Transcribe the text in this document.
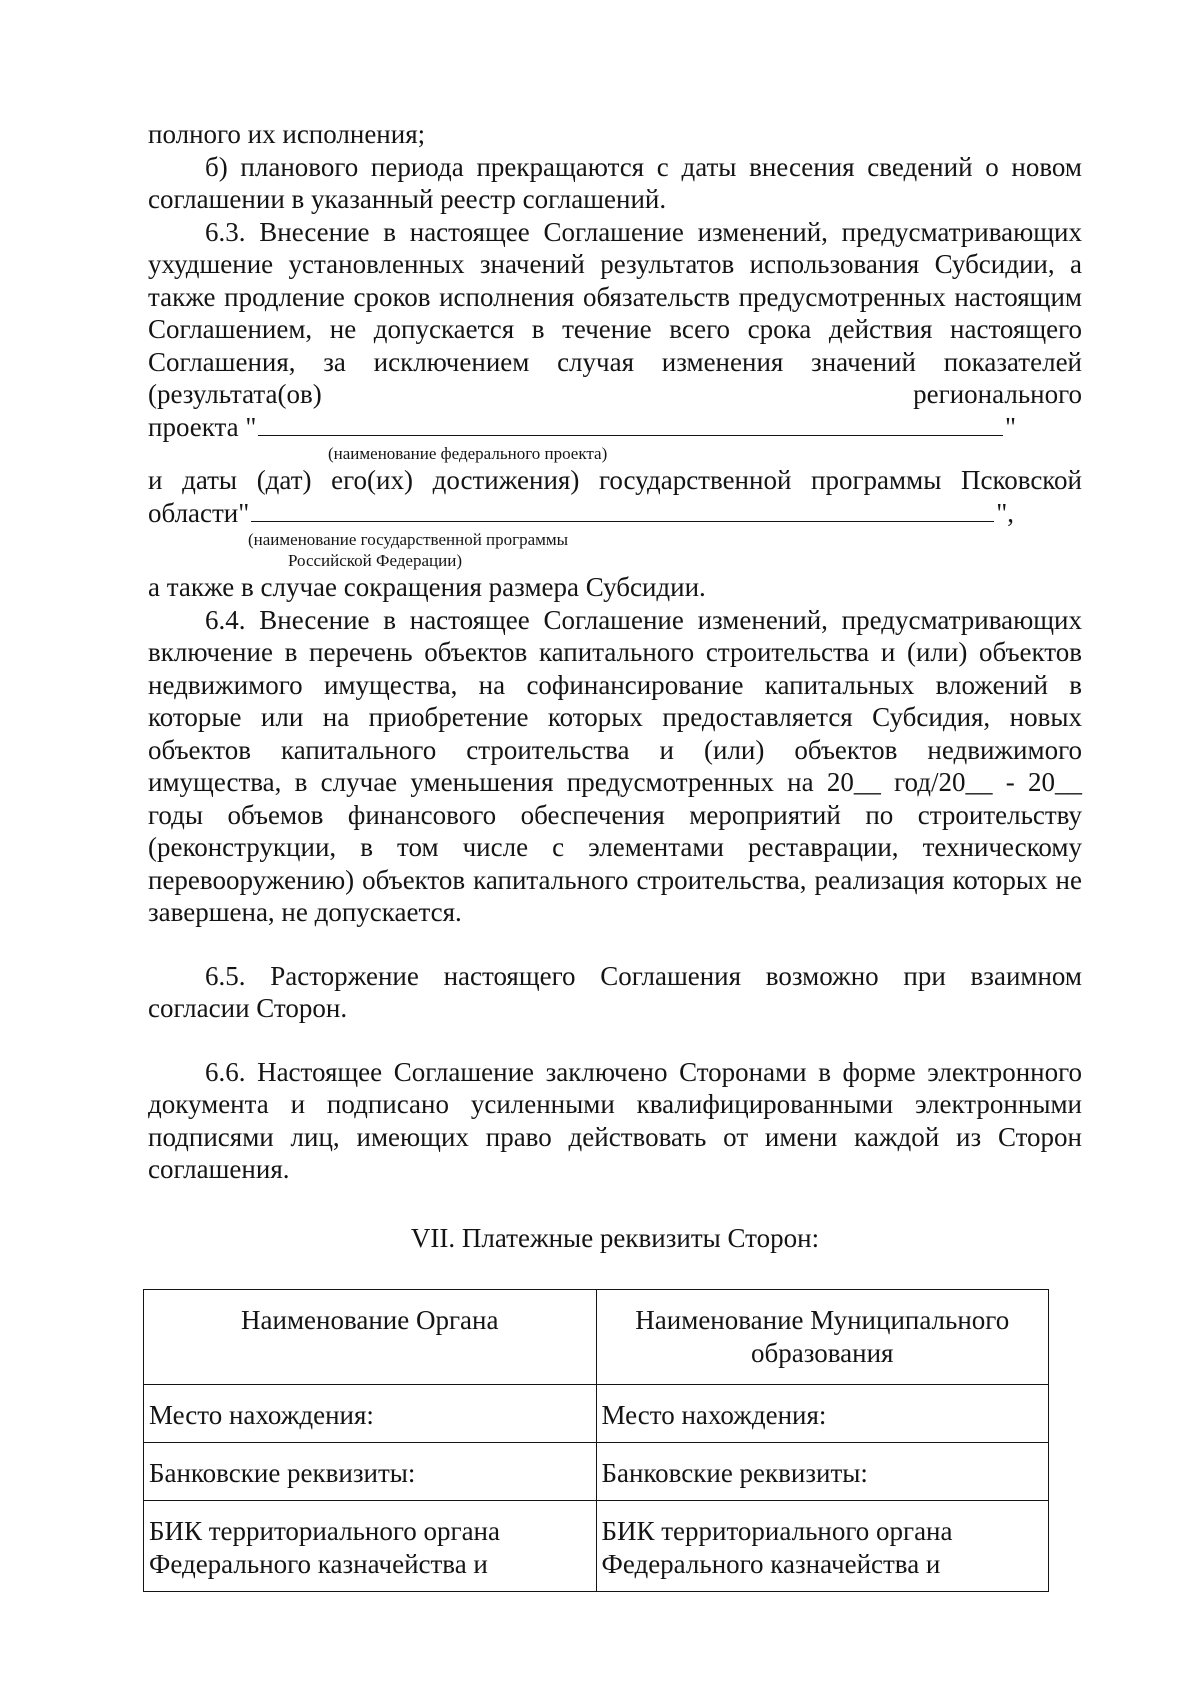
полного их исполнения;

б) планового периода прекращаются с даты внесения сведений о новом соглашении в указанный реестр соглашений.

6.3. Внесение в настоящее Соглашение изменений, предусматривающих ухудшение установленных значений результатов использования Субсидии, а также продление сроков исполнения обязательств предусмотренных настоящим Соглашением, не допускается в течение всего срока действия настоящего Соглашения, за исключением случая изменения значений показателей (результата(ов) регионального

проекта "	"

(наименование федерального проекта)

и даты (дат) его(их) достижения) государственной программы Псковской

области"	",

(наименование государственной программы

Российской Федерации)

а также в случае сокращения размера Субсидии.

6.4. Внесение в настоящее Соглашение изменений, предусматривающих включение в перечень объектов капитального строительства и (или) объектов недвижимого имущества, на софинансирование капитальных вложений в которые или на приобретение которых предоставляется Субсидия, новых объектов капитального строительства и (или) объектов недвижимого имущества, в случае уменьшения предусмотренных на 20__ год/20__ - 20__ годы объемов финансового обеспечения мероприятий по строительству (реконструкции, в том числе с элементами реставрации, техническому перевооружению) объектов капитального строительства, реализация которых не завершена, не допускается.

6.5. Расторжение настоящего Соглашения возможно при взаимном согласии Сторон.

6.6. Настоящее Соглашение заключено Сторонами в форме электронного документа и подписано усиленными квалифицированными электронными подписями лиц, имеющих право действовать от имени каждой из Сторон соглашения.

VII. Платежные реквизиты Сторон:

Наименование Органа	Наименование Муниципального образования
Место нахождения:	Место нахождения:
Банковские реквизиты:	Банковские реквизиты:
БИК территориального органа Федерального казначейства и	БИК территориального органа Федерального казначейства и
